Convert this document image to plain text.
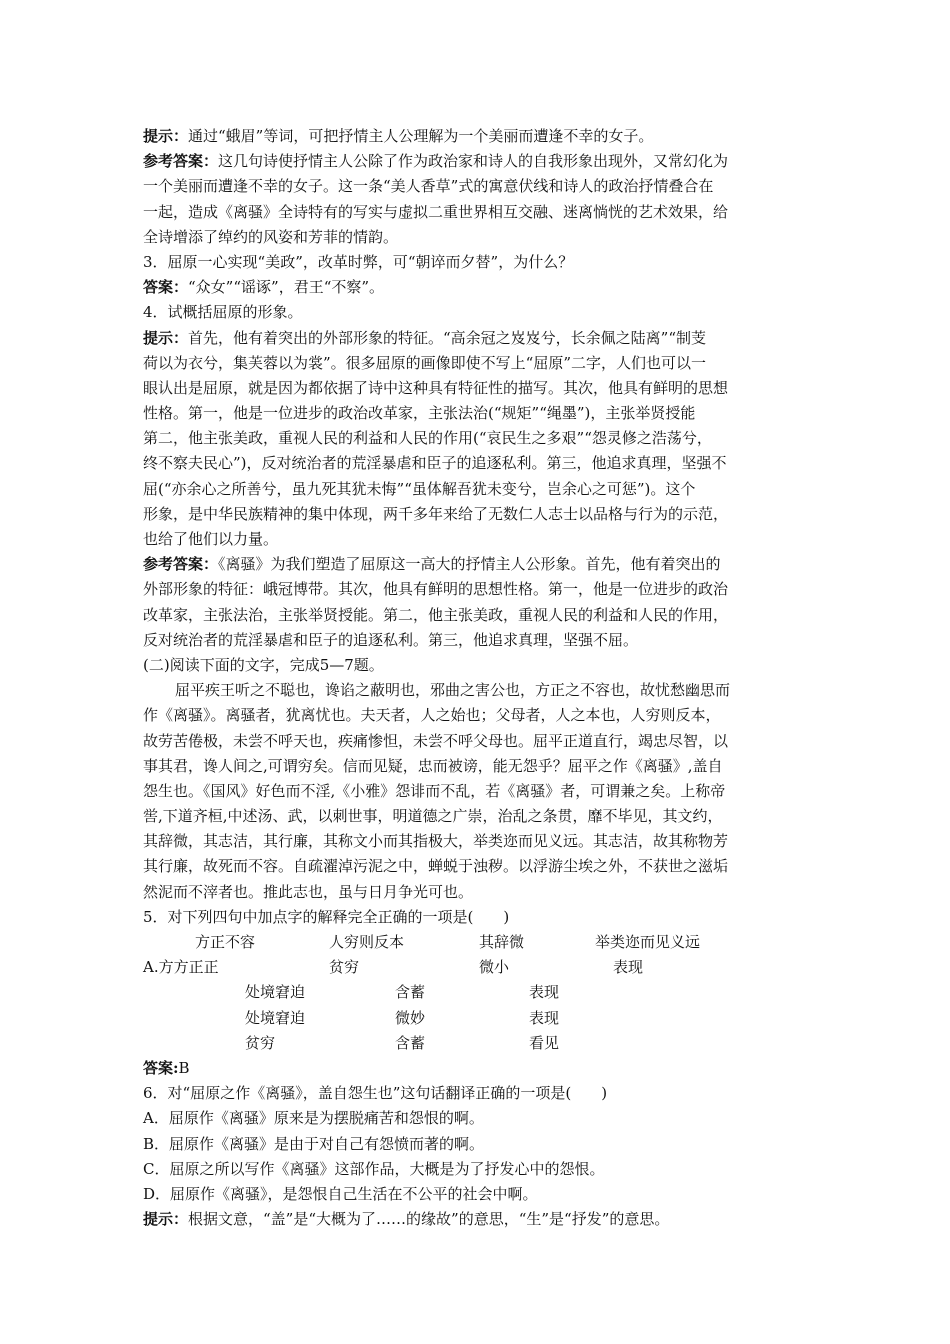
提示：通过“蛾眉”等词，可把抒情主人公理解为一个美丽而遭逢不幸的女子。
参考答案：这几句诗使抒情主人公除了作为政治家和诗人的自我形象出现外，又常幻化为
一个美丽而遭逢不幸的女子。这一条“美人香草”式的寓意伏线和诗人的政治抒情叠合在
一起，造成《离骚》全诗特有的写实与虚拟二重世界相互交融、迷离惝恍的艺术效果，给
全诗增添了绰约的风姿和芳菲的情韵。
3．屈原一心实现“美政”，改革时弊，可“朝谇而夕替”，为什么？
答案：“众女”“谣诼”，君王“不察”。
4．试概括屈原的形象。
提示：首先，他有着突出的外部形象的特征。“高余冠之岌岌兮，长余佩之陆离”“制芰
荷以为衣兮，集芙蓉以为裳”。很多屈原的画像即使不写上“屈原”二字，人们也可以一
眼认出是屈原，就是因为都依据了诗中这种具有特征性的描写。其次，他具有鲜明的思想
性格。第一，他是一位进步的政治改革家，主张法治(“规矩”“绳墨”)，主张举贤授能
第二，他主张美政，重视人民的利益和人民的作用(“哀民生之多艰”“怨灵修之浩荡兮，
终不察夫民心”)，反对统治者的荒淫暴虐和臣子的追逐私利。第三，他追求真理，坚强不
屈(“亦余心之所善兮，虽九死其犹未悔”“虽体解吾犹未变兮，岂余心之可惩”)。这个
形象，是中华民族精神的集中体现，两千多年来给了无数仁人志士以品格与行为的示范，
也给了他们以力量。
参考答案：《离骚》为我们塑造了屈原这一高大的抒情主人公形象。首先，他有着突出的
外部形象的特征：峨冠博带。其次，他具有鲜明的思想性格。第一，他是一位进步的政治
改革家，主张法治，主张举贤授能。第二，他主张美政，重视人民的利益和人民的作用，
反对统治者的荒淫暴虐和臣子的追逐私利。第三，他追求真理，坚强不屈。
(二)阅读下面的文字，完成5—7题。
屈平疾王听之不聪也，谗谄之蔽明也，邪曲之害公也，方正之不容也，故忧愁幽思而
作《离骚》。离骚者，犹离忧也。夫天者，人之始也；父母者，人之本也，人穷则反本，
故劳苦倦极，未尝不呼天也，疾痛惨怛，未尝不呼父母也。屈平正道直行，竭忠尽智，以
事其君，谗人间之,可谓穷矣。信而见疑，忠而被谤，能无怨乎？屈平之作《离骚》,盖自
怨生也。《国风》好色而不淫,《小雅》怨诽而不乱，若《离骚》者，可谓兼之矣。上称帝
喾,下道齐桓,中述汤、武，以刺世事，明道德之广崇，治乱之条贯，靡不毕见，其文约，
其辞微，其志洁，其行廉，其称文小而其指极大，举类迩而见义远。其志洁，故其称物芳
其行廉，故死而不容。自疏濯淖污泥之中，蝉蜕于浊秽。以浮游尘埃之外，不获世之滋垢
然泥而不滓者也。推此志也，虽与日月争光可也。
5．对下列四句中加点字的解释完全正确的一项是(　　)
方正不容	人穷则反本	其辞微	举类迩而见义远
A.方方正正	贫穷	微小	表现
处境窘迫	含蓄	表现
处境窘迫	微妙	表现
贫穷	含蓄	看见
答案:B
6．对“屈原之作《离骚》，盖自怨生也”这句话翻译正确的一项是(　　)
A．屈原作《离骚》原来是为摆脱痛苦和怨恨的啊。
B．屈原作《离骚》是由于对自己有怨愤而著的啊。
C．屈原之所以写作《离骚》这部作品，大概是为了抒发心中的怨恨。
D．屈原作《离骚》，是怨恨自己生活在不公平的社会中啊。
提示：根据文意，“盖”是“大概为了……的缘故”的意思，“生”是“抒发”的意思。
